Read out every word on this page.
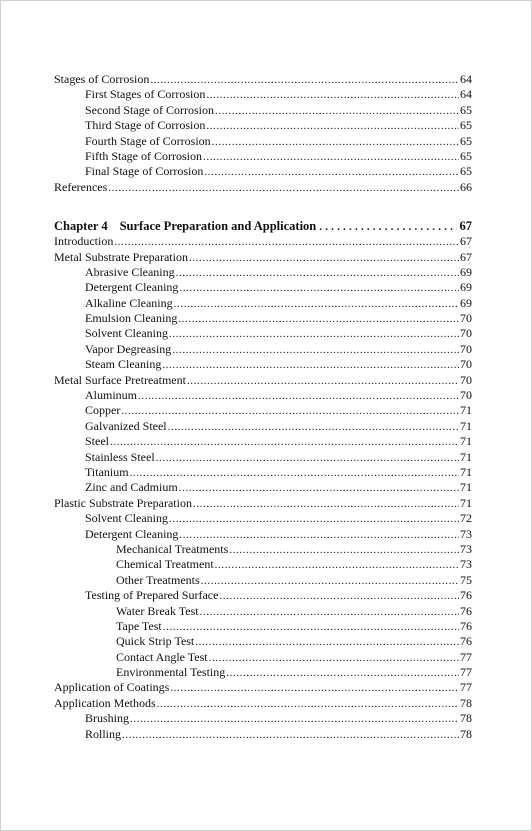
Stages of Corrosion .....	64
First Stages of Corrosion .....	64
Second Stage of Corrosion .....	65
Third Stage of Corrosion .....	65
Fourth Stage of Corrosion .....	65
Fifth Stage of Corrosion .....	65
Final Stage of Corrosion .....	65
References .....	66
Chapter 4 Surface Preparation and Application .....	67
Introduction .....	67
Metal Substrate Preparation .....	67
Abrasive Cleaning .....	69
Detergent Cleaning .....	69
Alkaline Cleaning .....	69
Emulsion Cleaning .....	70
Solvent Cleaning .....	70
Vapor Degreasing .....	70
Steam Cleaning .....	70
Metal Surface Pretreatment .....	70
Aluminum .....	70
Copper .....	71
Galvanized Steel .....	71
Steel .....	71
Stainless Steel .....	71
Titanium .....	71
Zinc and Cadmium .....	71
Plastic Substrate Preparation .....	71
Solvent Cleaning .....	72
Detergent Cleaning .....	73
Mechanical Treatments .....	73
Chemical Treatment .....	73
Other Treatments .....	75
Testing of Prepared Surface .....	76
Water Break Test .....	76
Tape Test .....	76
Quick Strip Test .....	76
Contact Angle Test .....	77
Environmental Testing .....	77
Application of Coatings .....	77
Application Methods .....	78
Brushing .....	78
Rolling .....	78
